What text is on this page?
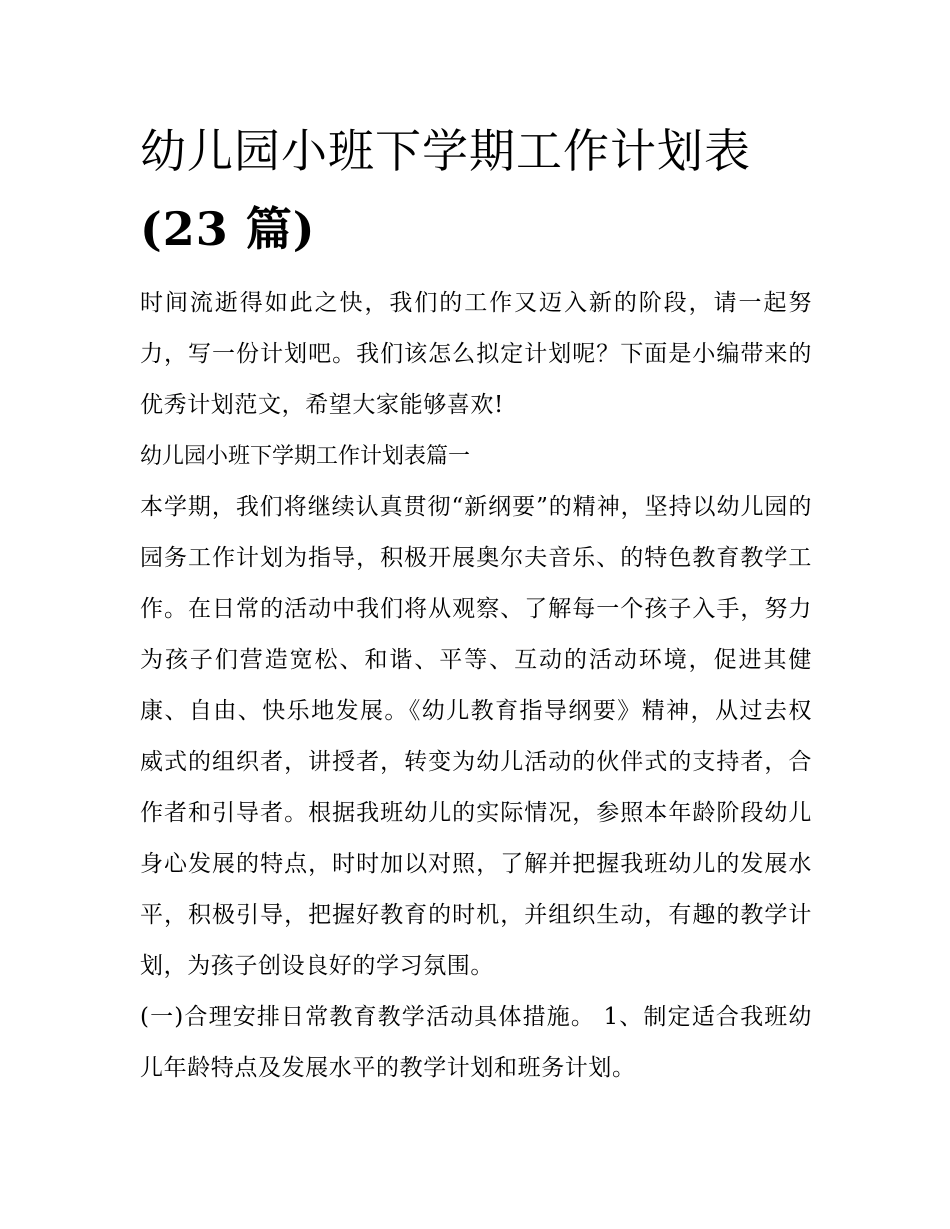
幼儿园小班下学期工作计划表
(23 篇)

时间流逝得如此之快，我们的工作又迈入新的阶段，请一起努力，写一份计划吧。我们该怎么拟定计划呢？下面是小编带来的优秀计划范文，希望大家能够喜欢!

幼儿园小班下学期工作计划表篇一

本学期，我们将继续认真贯彻“新纲要”的精神，坚持以幼儿园的园务工作计划为指导，积极开展奥尔夫音乐、的特色教育教学工作。在日常的活动中我们将从观察、了解每一个孩子入手，努力为孩子们营造宽松、和谐、平等、互动的活动环境，促进其健康、自由、快乐地发展。《幼儿教育指导纲要》精神，从过去权威式的组织者，讲授者，转变为幼儿活动的伙伴式的支持者，合作者和引导者。根据我班幼儿的实际情况，参照本年龄阶段幼儿身心发展的特点，时时加以对照，了解并把握我班幼儿的发展水平，积极引导，把握好教育的时机，并组织生动，有趣的教学计划，为孩子创设良好的学习氛围。

(一)合理安排日常教育教学活动具体措施。 1、制定适合我班幼儿年龄特点及发展水平的教学计划和班务计划。
